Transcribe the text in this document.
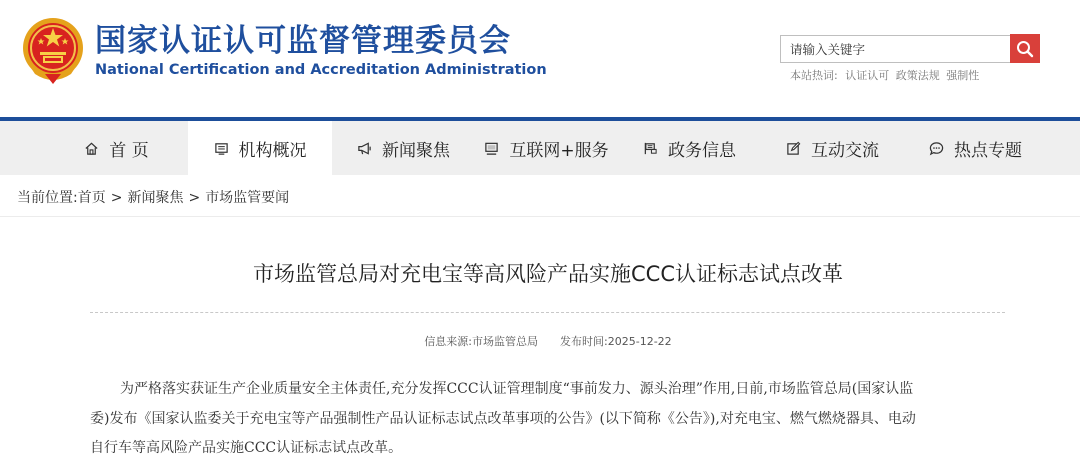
国家认证认可监督管理委员会
National Certification and Accreditation Administration
请输入关键字	本站热词: 认证认可 政策法规 强制性
首 页	机构概况	新闻聚焦	互联网+服务	政务信息	互动交流	热点专题
当前位置:首页 > 新闻聚焦 > 市场监管要闻
市场监管总局对充电宝等高风险产品实施CCC认证标志试点改革
信息来源:市场监管总局 发布时间:2025-12-22
为严格落实获证生产企业质量安全主体责任,充分发挥CCC认证管理制度“事前发力、源头治理”作用,日前,市场监管总局(国家认监
委)发布《国家认监委关于充电宝等产品强制性产品认证标志试点改革事项的公告》(以下简称《公告》),对充电宝、燃气燃烧器具、电动
自行车等高风险产品实施CCC认证标志试点改革。
